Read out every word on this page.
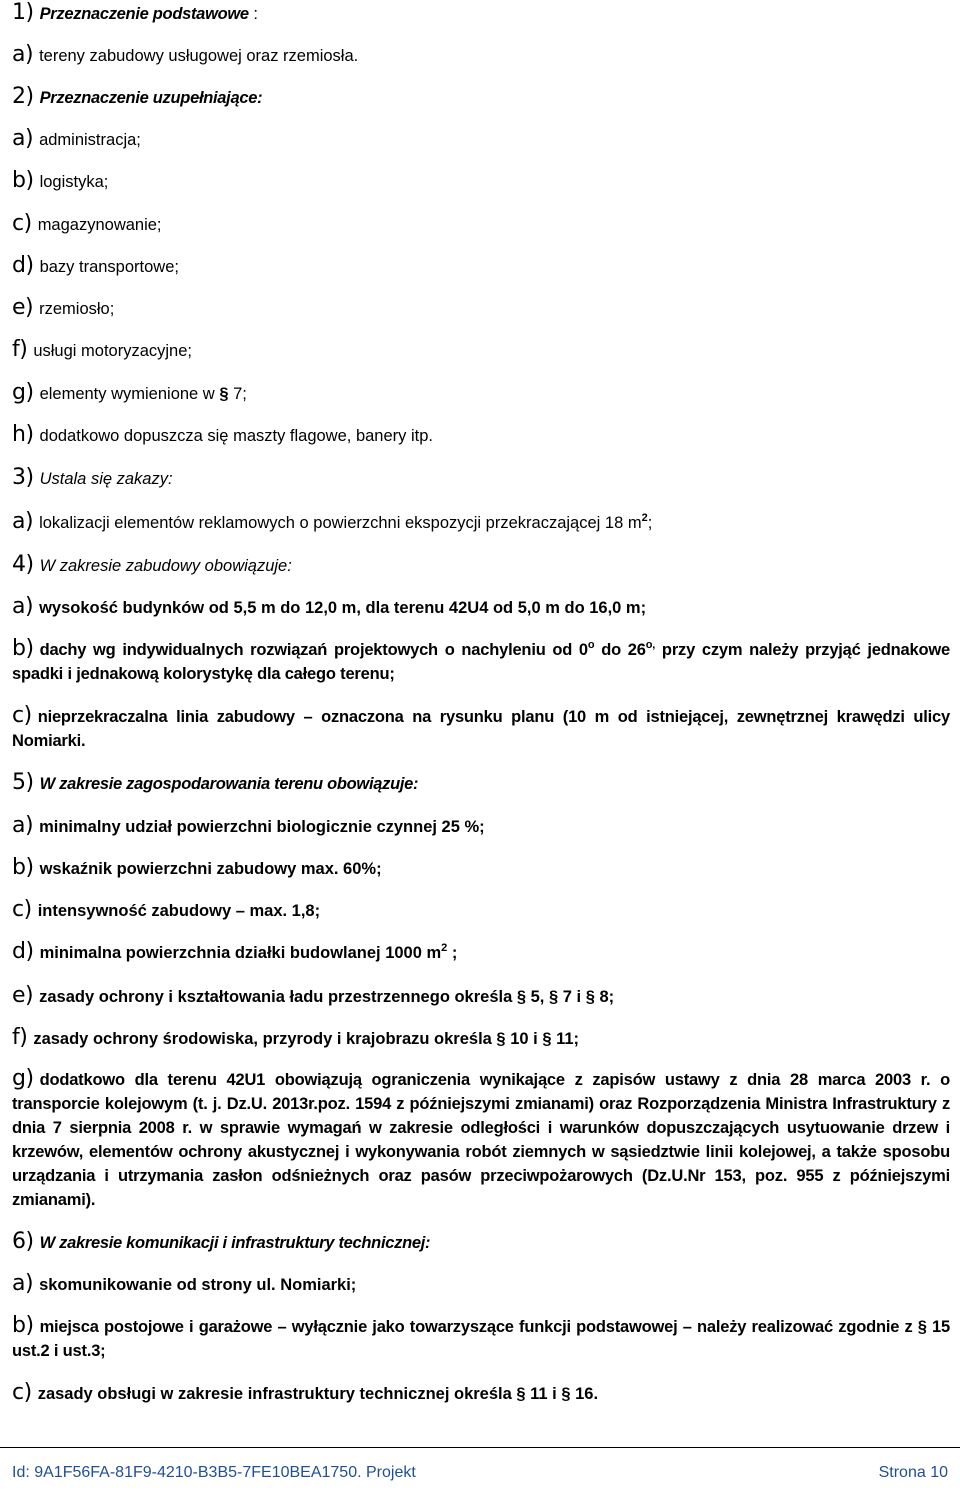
1) Przeznaczenie podstawowe :
a) tereny zabudowy usługowej oraz rzemiosła.
2) Przeznaczenie uzupełniające:
a) administracja;
b) logistyka;
c) magazynowanie;
d) bazy transportowe;
e) rzemiosło;
f) usługi motoryzacyjne;
g) elementy wymienione w § 7;
h) dodatkowo dopuszcza się maszty flagowe, banery itp.
3) Ustala się zakazy:
a) lokalizacji elementów reklamowych o powierzchni ekspozycji przekraczającej 18 $m^2$;
4) W zakresie zabudowy obowiązuje:
a) wysokość budynków od 5,5 m do 12,0 m, dla terenu 42U4 od 5,0 m do 16,0 m;
b) dachy wg indywidualnych rozwiązań projektowych o nachyleniu od 0$^o$ do $26^{o,}$ przy czym należy przyjąć jednakowe spadki i jednakową kolorystykę dla całego terenu;
c) nieprzekraczalna linia zabudowy – oznaczona na rysunku planu (10 m od istniejącej, zewnętrznej krawędzi ulicy Nomiarki.
5) W zakresie zagospodarowania terenu obowiązuje:
a) minimalny udział powierzchni biologicznie czynnej 25 %;
b) wskaźnik powierzchni zabudowy max. 60%;
c) intensywność zabudowy – max. 1,8;
d) minimalna powierzchnia działki budowlanej 1000 $m^2$ ;
e) zasady ochrony i kształtowania ładu przestrzennego określa § 5, § 7 i § 8;
f) zasady ochrony środowiska, przyrody i krajobrazu określa § 10 i § 11;
g) dodatkowo dla terenu 42U1 obowiązują ograniczenia wynikające z zapisów ustawy z dnia 28 marca 2003 r. o transporcie kolejowym (t. j. Dz.U. 2013r.poz. 1594 z późniejszymi zmianami) oraz Rozporządzenia Ministra Infrastruktury z dnia 7 sierpnia 2008 r. w sprawie wymagań w zakresie odległości i warunków dopuszczających usytuowanie drzew i krzewów, elementów ochrony akustycznej i wykonywania robót ziemnych w sąsiedztwie linii kolejowej, a także sposobu urządzania i utrzymania zasłon odśnieżnych oraz pasów przeciwpożarowych (Dz.U.Nr 153, poz. 955 z późniejszymi zmianami).
6) W zakresie komunikacji i infrastruktury technicznej:
a) skomunikowanie od strony ul. Nomiarki;
b) miejsca postojowe i garażowe – wyłącznie jako towarzyszące funkcji podstawowej – należy realizować zgodnie z § 15 ust.2 i ust.3;
c) zasady obsługi w zakresie infrastruktury technicznej określa § 11 i § 16.
Id: 9A1F56FA-81F9-4210-B3B5-7FE10BEA1750. Projekt	Strona 10
